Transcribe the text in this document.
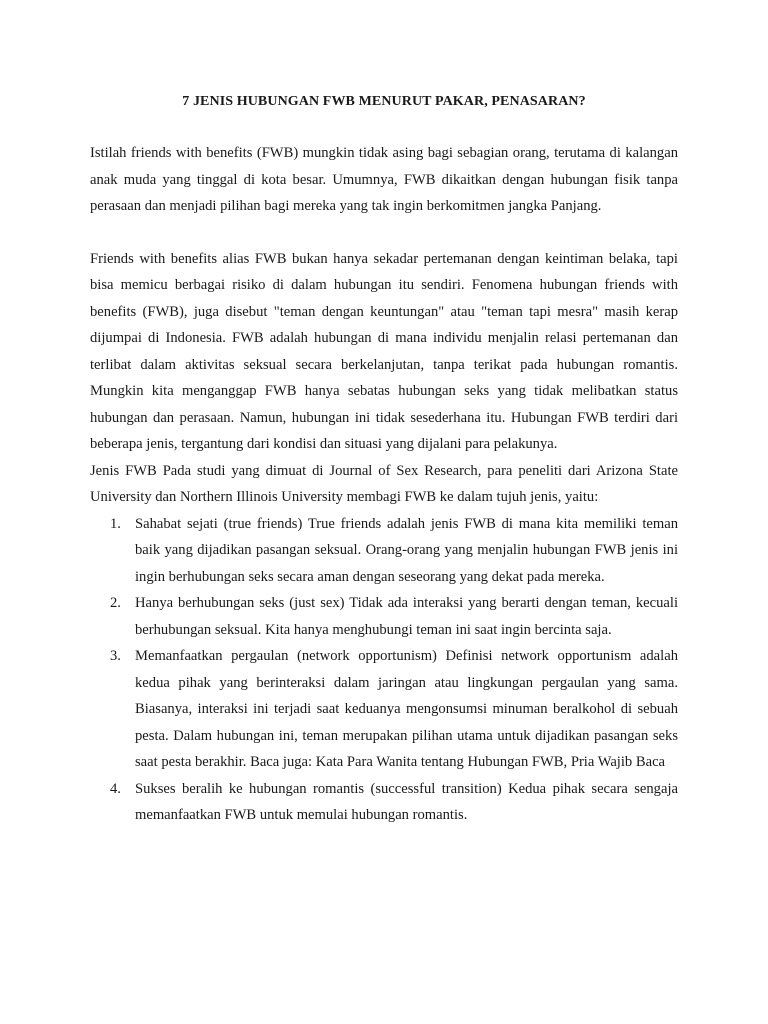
7 JENIS HUBUNGAN FWB MENURUT PAKAR, PENASARAN?

Istilah friends with benefits (FWB) mungkin tidak asing bagi sebagian orang, terutama di kalangan anak muda yang tinggal di kota besar. Umumnya, FWB dikaitkan dengan hubungan fisik tanpa perasaan dan menjadi pilihan bagi mereka yang tak ingin berkomitmen jangka Panjang.

Friends with benefits alias FWB bukan hanya sekadar pertemanan dengan keintiman belaka, tapi bisa memicu berbagai risiko di dalam hubungan itu sendiri. Fenomena hubungan friends with benefits (FWB), juga disebut "teman dengan keuntungan" atau "teman tapi mesra" masih kerap dijumpai di Indonesia. FWB adalah hubungan di mana individu menjalin relasi pertemanan dan terlibat dalam aktivitas seksual secara berkelanjutan, tanpa terikat pada hubungan romantis. Mungkin kita menganggap FWB hanya sebatas hubungan seks yang tidak melibatkan status hubungan dan perasaan. Namun, hubungan ini tidak sesederhana itu. Hubungan FWB terdiri dari beberapa jenis, tergantung dari kondisi dan situasi yang dijalani para pelakunya.

Jenis FWB Pada studi yang dimuat di Journal of Sex Research, para peneliti dari Arizona State University dan Northern Illinois University membagi FWB ke dalam tujuh jenis, yaitu:

1. Sahabat sejati (true friends) True friends adalah jenis FWB di mana kita memiliki teman baik yang dijadikan pasangan seksual. Orang-orang yang menjalin hubungan FWB jenis ini ingin berhubungan seks secara aman dengan seseorang yang dekat pada mereka.
2. Hanya berhubungan seks (just sex) Tidak ada interaksi yang berarti dengan teman, kecuali berhubungan seksual. Kita hanya menghubungi teman ini saat ingin bercinta saja.
3. Memanfaatkan pergaulan (network opportunism) Definisi network opportunism adalah kedua pihak yang berinteraksi dalam jaringan atau lingkungan pergaulan yang sama. Biasanya, interaksi ini terjadi saat keduanya mengonsumsi minuman beralkohol di sebuah pesta. Dalam hubungan ini, teman merupakan pilihan utama untuk dijadikan pasangan seks saat pesta berakhir. Baca juga: Kata Para Wanita tentang Hubungan FWB, Pria Wajib Baca
4. Sukses beralih ke hubungan romantis (successful transition) Kedua pihak secara sengaja memanfaatkan FWB untuk memulai hubungan romantis.
